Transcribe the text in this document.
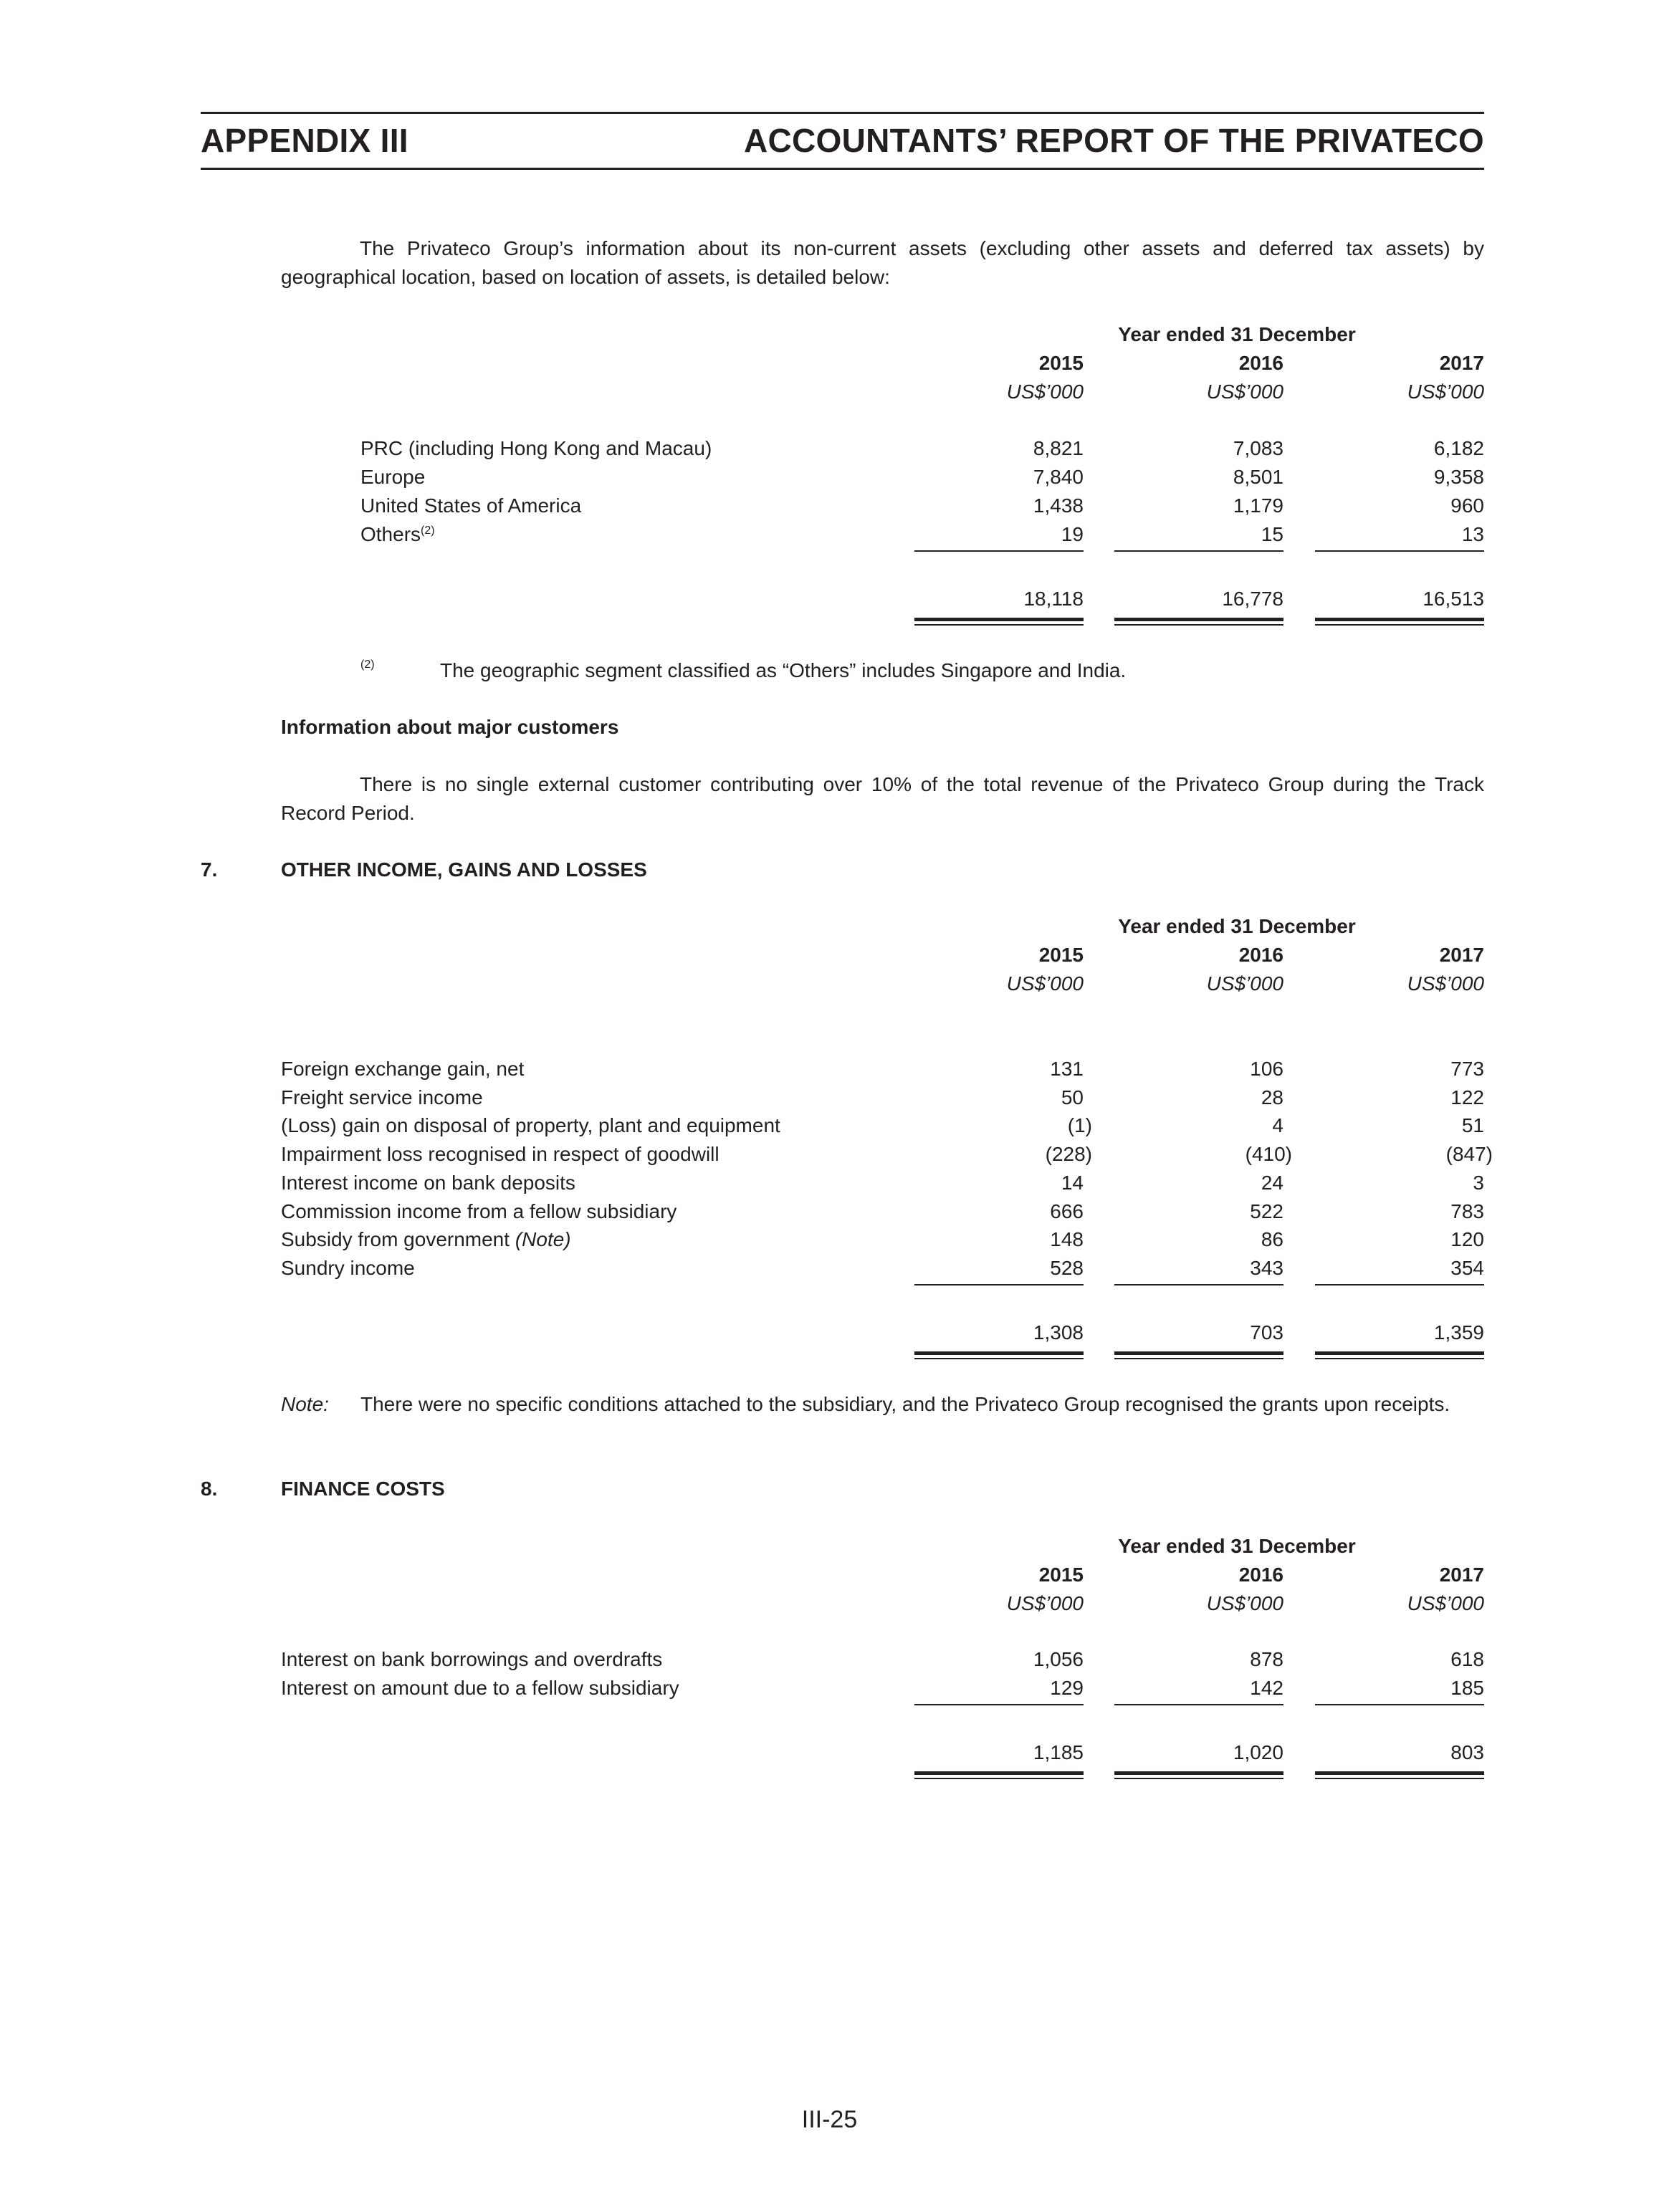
APPENDIX III	ACCOUNTANTS’ REPORT OF THE PRIVATECO
The Privateco Group’s information about its non-current assets (excluding other assets and deferred tax assets) by geographical location, based on location of assets, is detailed below:
Year ended 31 December
2015	2016	2017
US$’000	US$’000	US$’000
PRC (including Hong Kong and Macau)	8,821	7,083	6,182
Europe	7,840	8,501	9,358
United States of America	1,438	1,179	960
Others$^{(2)}$	19	15	13
18,118	16,778	16,513
(2)	The geographic segment classified as “Others” includes Singapore and India.
Information about major customers
There is no single external customer contributing over 10% of the total revenue of the Privateco Group during the Track Record Period.
7.	OTHER INCOME, GAINS AND LOSSES
Year ended 31 December
2015	2016	2017
US$’000	US$’000	US$’000
Foreign exchange gain, net	131	106	773
Freight service income	50	28	122
(Loss) gain on disposal of property, plant and equipment	(1)	4	51
Impairment loss recognised in respect of goodwill	(228)	(410)	(847)
Interest income on bank deposits	14	24	3
Commission income from a fellow subsidiary	666	522	783
Subsidy from government (Note)	148	86	120
Sundry income	528	343	354
1,308	703	1,359
Note: There were no specific conditions attached to the subsidiary, and the Privateco Group recognised the grants upon receipts.
8.	FINANCE COSTS
Year ended 31 December
2015	2016	2017
US$’000	US$’000	US$’000
Interest on bank borrowings and overdrafts	1,056	878	618
Interest on amount due to a fellow subsidiary	129	142	185
1,185	1,020	803
III-25
